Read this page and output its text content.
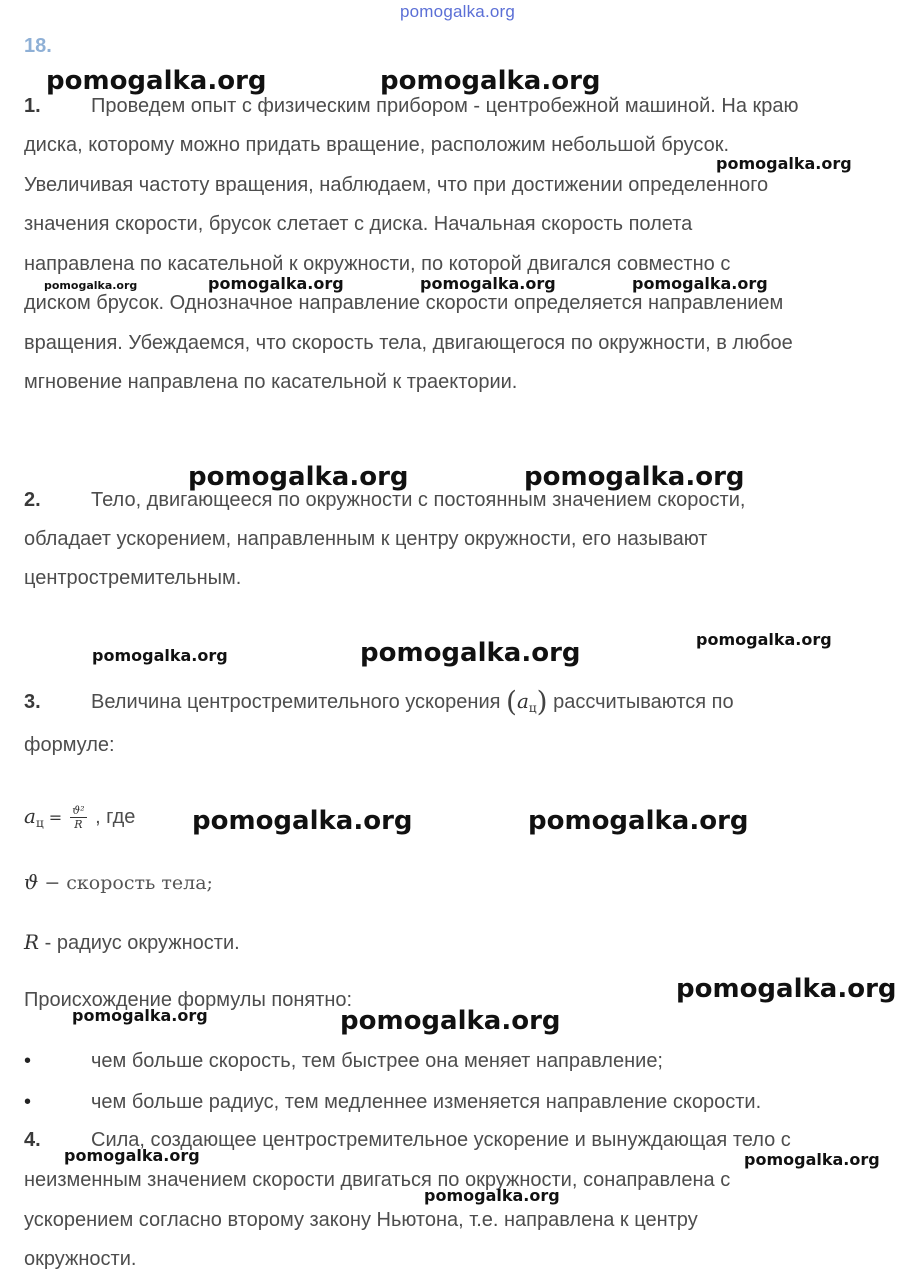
pomogalka.org
18.
1.	Проведем опыт с физическим прибором - центробежной машиной. На краю
диска, которому можно придать вращение, расположим небольшой брусок.
Увеличивая частоту вращения, наблюдаем, что при достижении определенного
значения скорости, брусок слетает с диска. Начальная скорость полета
направлена по касательной к окружности, по которой двигался совместно с
диском брусок. Однозначное направление скорости определяется направлением
вращения. Убеждаемся, что скорость тела, двигающегося по окружности, в любое
мгновение направлена по касательной к траектории.
2.	Тело, двигающееся по окружности с постоянным значением скорости,
обладает ускорением, направленным к центру окружности, его называют
центростремительным.
3.	Величина центростремительного ускорения $(a_ц)$ рассчитываются по
формуле:
$a_ц = \frac{\text{ϑ²}}{R}$ , где
ϑ − скорость тела;
R - радиус окружности.
Происхождение формулы понятно:
•	чем больше скорость, тем быстрее она меняет направление;
•	чем больше радиус, тем медленнее изменяется направление скорости.
4.	Сила, создающее центростремительное ускорение и вынуждающая тело с
неизменным значением скорости двигаться по окружности, сонаправлена с
ускорением согласно второму закону Ньютона, т.е. направлена к центру
окружности.
pomogalka.org	pomogalka.org
pomogalka.org
pomogalka.org	pomogalka.org	pomogalka.org	pomogalka.org
pomogalka.org	pomogalka.org
pomogalka.org
pomogalka.org	pomogalka.org
pomogalka.org	pomogalka.org
pomogalka.org
pomogalka.org	pomogalka.org
pomogalka.org	pomogalka.org
pomogalka.org
